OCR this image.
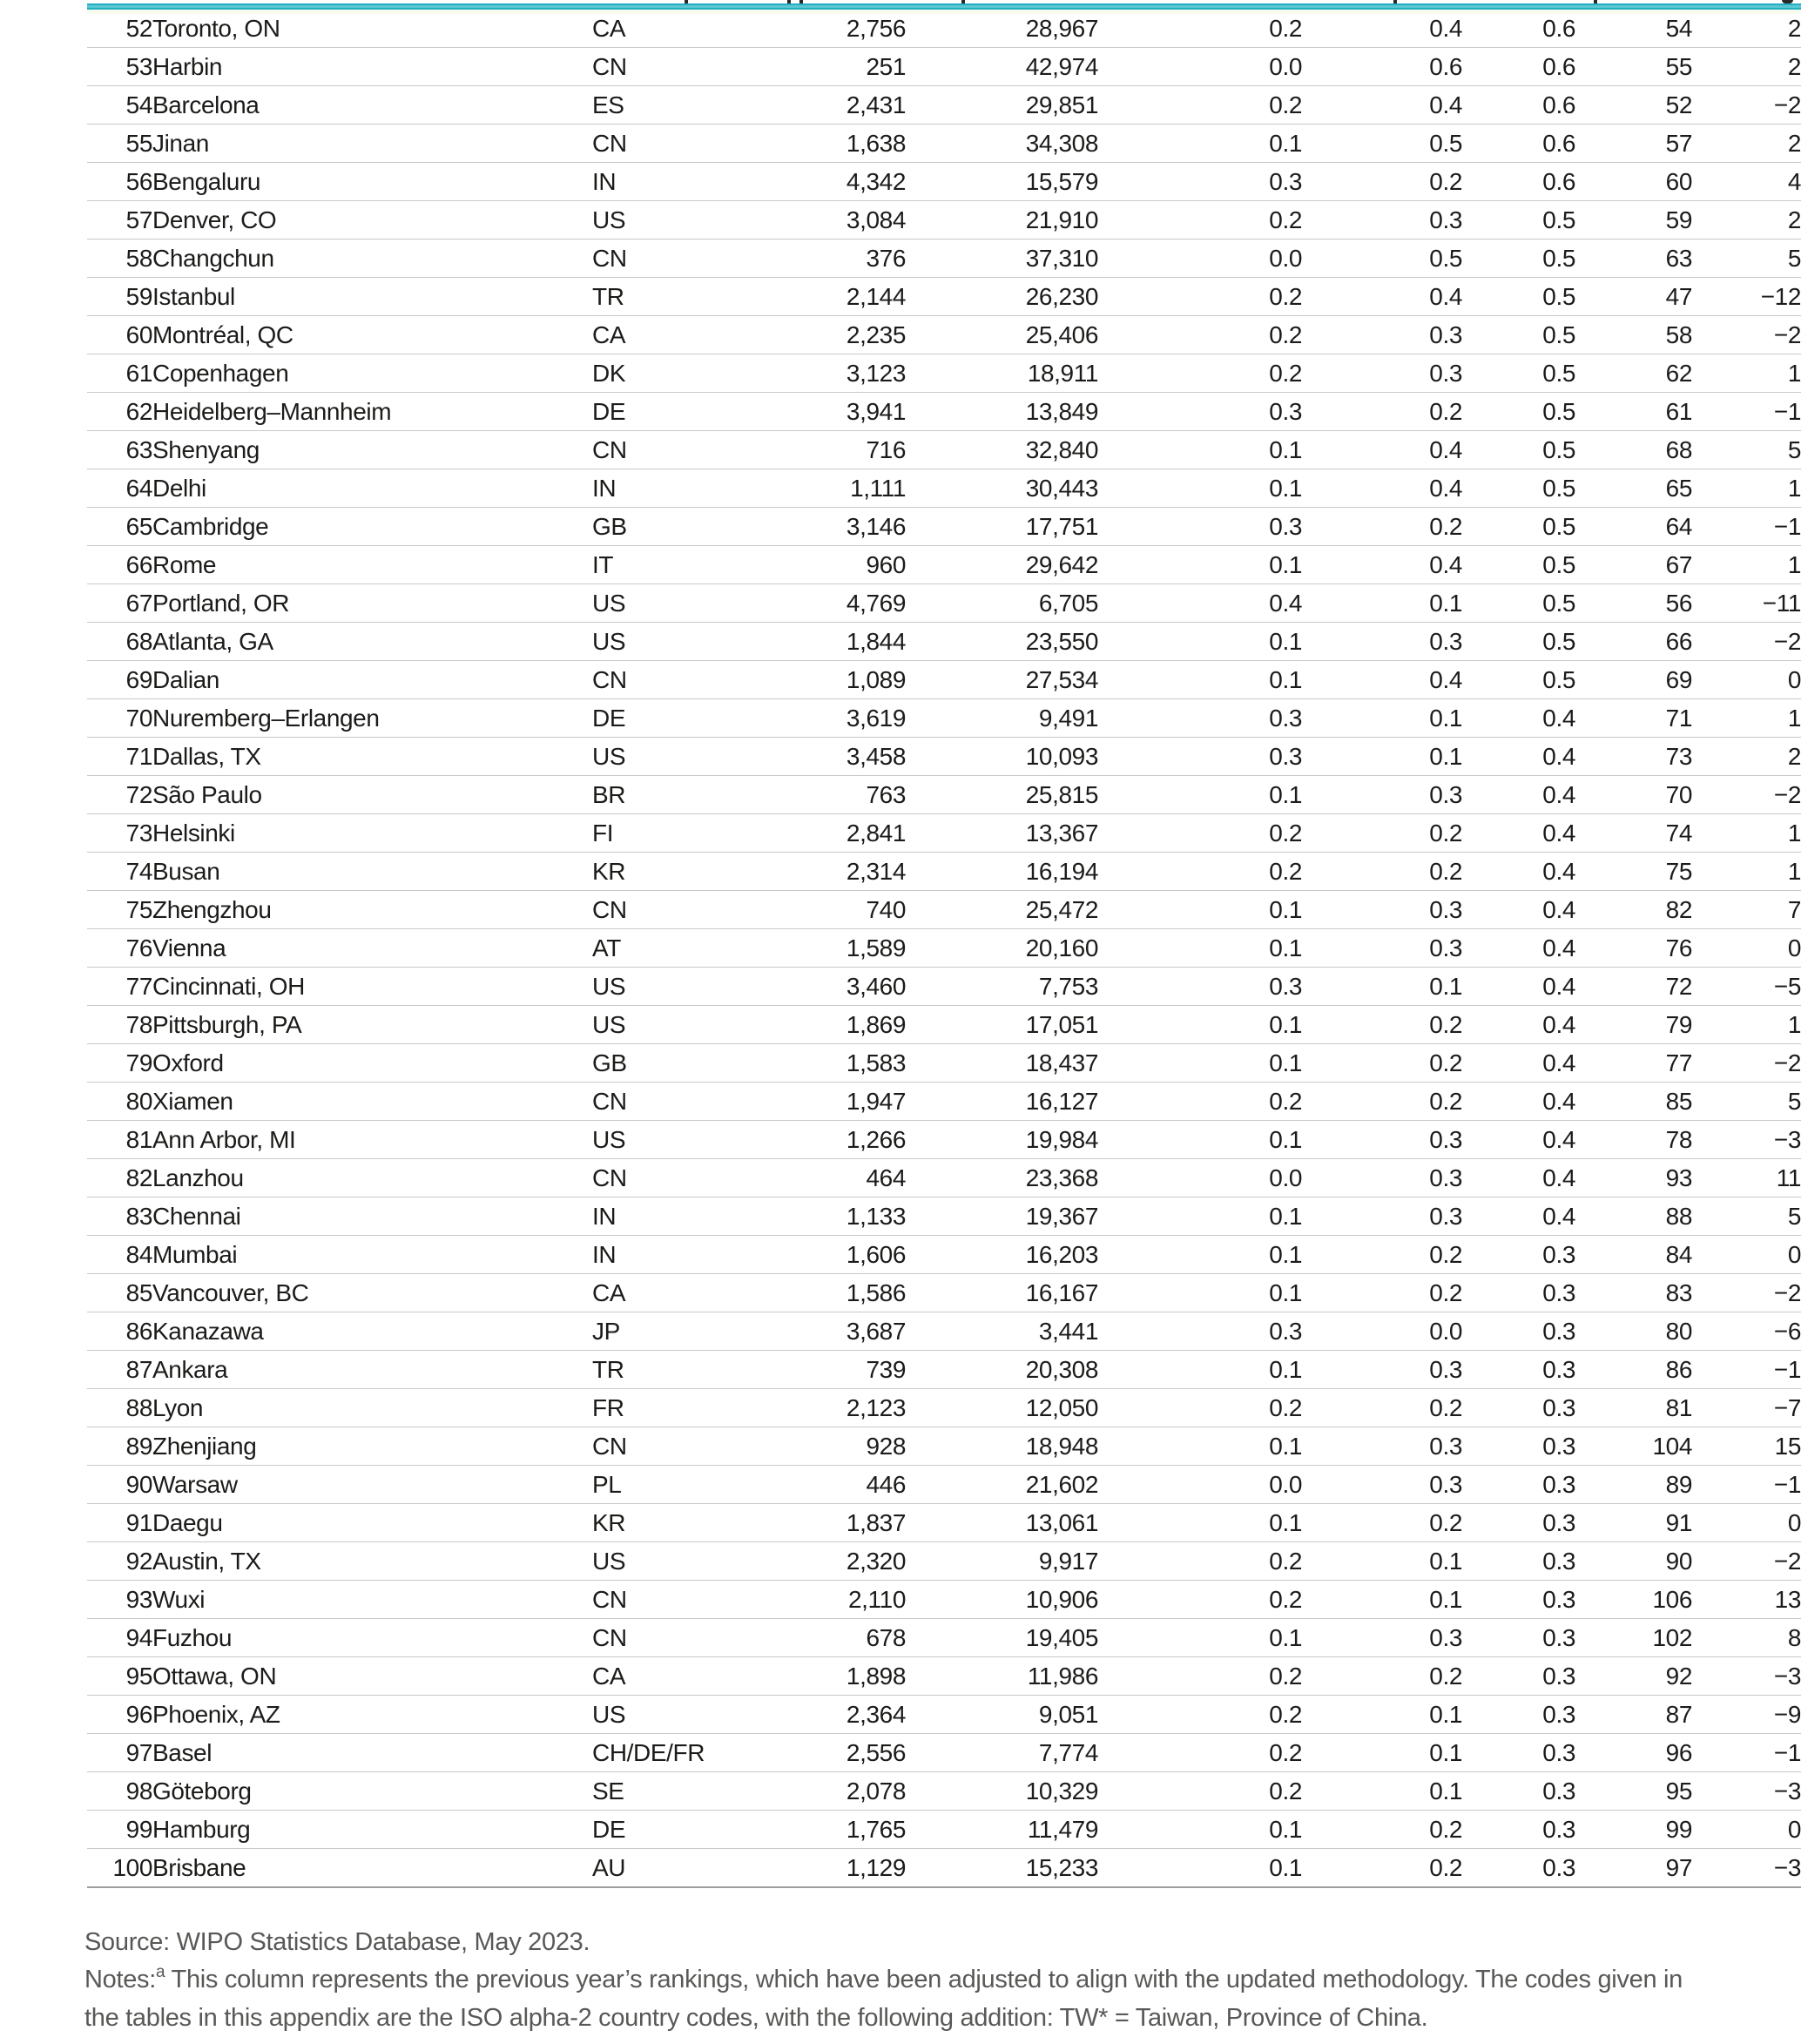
52	Toronto, ON	CA	2,756	28,967	0.2	0.4	0.6	54	2
53	Harbin	CN	251	42,974	0.0	0.6	0.6	55	2
54	Barcelona	ES	2,431	29,851	0.2	0.4	0.6	52	−2
55	Jinan	CN	1,638	34,308	0.1	0.5	0.6	57	2
56	Bengaluru	IN	4,342	15,579	0.3	0.2	0.6	60	4
57	Denver, CO	US	3,084	21,910	0.2	0.3	0.5	59	2
58	Changchun	CN	376	37,310	0.0	0.5	0.5	63	5
59	Istanbul	TR	2,144	26,230	0.2	0.4	0.5	47	−12
60	Montréal, QC	CA	2,235	25,406	0.2	0.3	0.5	58	−2
61	Copenhagen	DK	3,123	18,911	0.2	0.3	0.5	62	1
62	Heidelberg–Mannheim	DE	3,941	13,849	0.3	0.2	0.5	61	−1
63	Shenyang	CN	716	32,840	0.1	0.4	0.5	68	5
64	Delhi	IN	1,111	30,443	0.1	0.4	0.5	65	1
65	Cambridge	GB	3,146	17,751	0.3	0.2	0.5	64	−1
66	Rome	IT	960	29,642	0.1	0.4	0.5	67	1
67	Portland, OR	US	4,769	6,705	0.4	0.1	0.5	56	−11
68	Atlanta, GA	US	1,844	23,550	0.1	0.3	0.5	66	−2
69	Dalian	CN	1,089	27,534	0.1	0.4	0.5	69	0
70	Nuremberg–Erlangen	DE	3,619	9,491	0.3	0.1	0.4	71	1
71	Dallas, TX	US	3,458	10,093	0.3	0.1	0.4	73	2
72	São Paulo	BR	763	25,815	0.1	0.3	0.4	70	−2
73	Helsinki	FI	2,841	13,367	0.2	0.2	0.4	74	1
74	Busan	KR	2,314	16,194	0.2	0.2	0.4	75	1
75	Zhengzhou	CN	740	25,472	0.1	0.3	0.4	82	7
76	Vienna	AT	1,589	20,160	0.1	0.3	0.4	76	0
77	Cincinnati, OH	US	3,460	7,753	0.3	0.1	0.4	72	−5
78	Pittsburgh, PA	US	1,869	17,051	0.1	0.2	0.4	79	1
79	Oxford	GB	1,583	18,437	0.1	0.2	0.4	77	−2
80	Xiamen	CN	1,947	16,127	0.2	0.2	0.4	85	5
81	Ann Arbor, MI	US	1,266	19,984	0.1	0.3	0.4	78	−3
82	Lanzhou	CN	464	23,368	0.0	0.3	0.4	93	11
83	Chennai	IN	1,133	19,367	0.1	0.3	0.4	88	5
84	Mumbai	IN	1,606	16,203	0.1	0.2	0.3	84	0
85	Vancouver, BC	CA	1,586	16,167	0.1	0.2	0.3	83	−2
86	Kanazawa	JP	3,687	3,441	0.3	0.0	0.3	80	−6
87	Ankara	TR	739	20,308	0.1	0.3	0.3	86	−1
88	Lyon	FR	2,123	12,050	0.2	0.2	0.3	81	−7
89	Zhenjiang	CN	928	18,948	0.1	0.3	0.3	104	15
90	Warsaw	PL	446	21,602	0.0	0.3	0.3	89	−1
91	Daegu	KR	1,837	13,061	0.1	0.2	0.3	91	0
92	Austin, TX	US	2,320	9,917	0.2	0.1	0.3	90	−2
93	Wuxi	CN	2,110	10,906	0.2	0.1	0.3	106	13
94	Fuzhou	CN	678	19,405	0.1	0.3	0.3	102	8
95	Ottawa, ON	CA	1,898	11,986	0.2	0.2	0.3	92	−3
96	Phoenix, AZ	US	2,364	9,051	0.2	0.1	0.3	87	−9
97	Basel	CH/DE/FR	2,556	7,774	0.2	0.1	0.3	96	−1
98	Göteborg	SE	2,078	10,329	0.2	0.1	0.3	95	−3
99	Hamburg	DE	1,765	11,479	0.1	0.2	0.3	99	0
100	Brisbane	AU	1,129	15,233	0.1	0.2	0.3	97	−3
Source: WIPO Statistics Database, May 2023.
Notes:$^a$ This column represents the previous year’s rankings, which have been adjusted to align with the updated methodology. The codes given in
the tables in this appendix are the ISO alpha-2 country codes, with the following addition: TW* = Taiwan, Province of China.
